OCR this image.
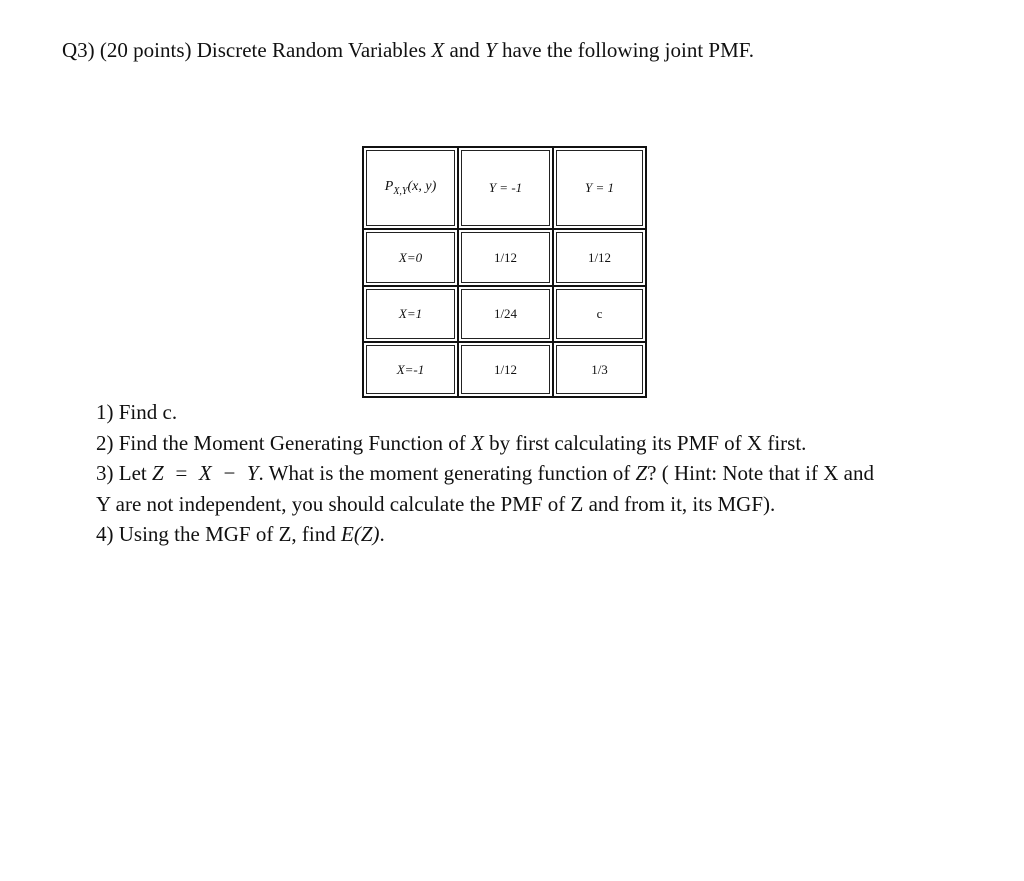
Q3) (20 points) Discrete Random Variables X and Y have the following joint PMF.
$P_{X,Y}(x$, y)	Y = -1	Y = 1
X=0	1/12	1/12
X=1	1/24	c
X=-1	1/12	1/3
1) Find c.
2) Find the Moment Generating Function of X by first calculating its PMF of X first.
3) Let Z  =  X  −  Y. What is the moment generating function of Z? ( Hint: Note that if X and
Y are not independent, you should calculate the PMF of Z and from it, its MGF).
4) Using the MGF of Z, find E(Z).
